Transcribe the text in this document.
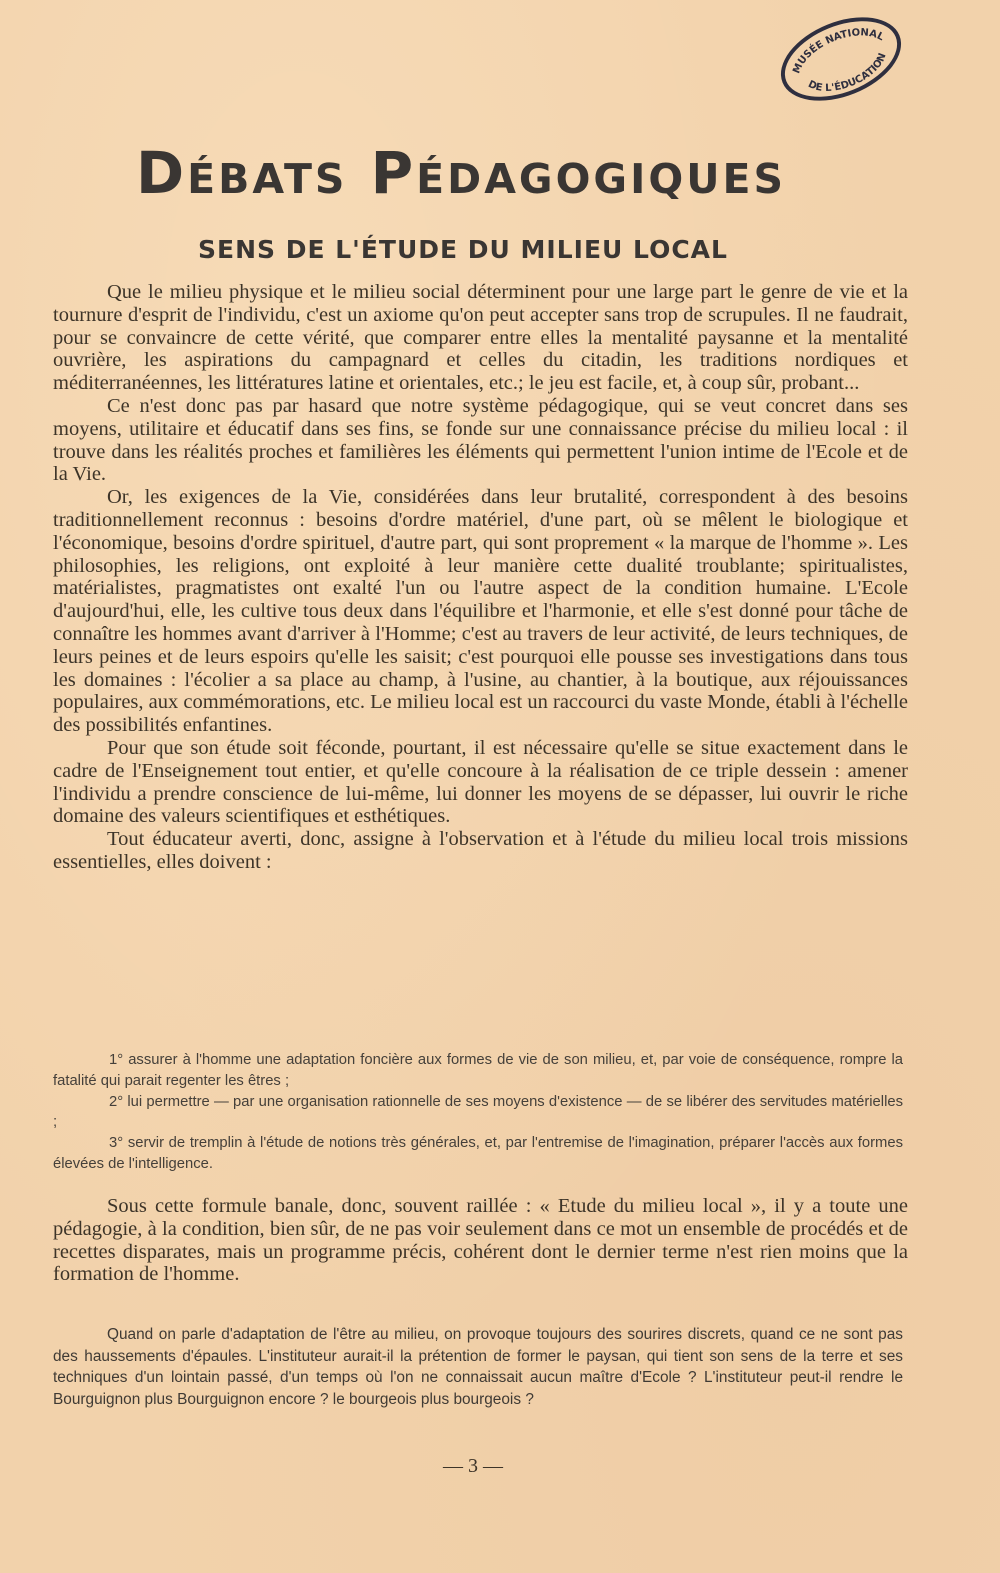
MUSÉE NATIONAL
DE L'ÉDUCATION
Débats Pédagogiques
SENS DE L'ÉTUDE DU MILIEU LOCAL

Que le milieu physique et le milieu social déterminent pour une large part le genre de vie et la tournure d'esprit de l'individu, c'est un axiome qu'on peut accepter sans trop de scrupules. Il ne faudrait, pour se convaincre de cette vérité, que comparer entre elles la mentalité paysanne et la mentalité ouvrière, les aspirations du campagnard et celles du citadin, les traditions nordiques et méditerranéennes, les littératures latine et orientales, etc.; le jeu est facile, et, à coup sûr, probant...

Ce n'est donc pas par hasard que notre système pédagogique, qui se veut concret dans ses moyens, utilitaire et éducatif dans ses fins, se fonde sur une connaissance précise du milieu local : il trouve dans les réalités proches et familières les éléments qui permettent l'union intime de l'Ecole et de la Vie.

Or, les exigences de la Vie, considérées dans leur brutalité, correspondent à des besoins traditionnellement reconnus : besoins d'ordre matériel, d'une part, où se mêlent le biologique et l'économique, besoins d'ordre spirituel, d'autre part, qui sont proprement « la marque de l'homme ». Les philosophies, les religions, ont exploité à leur manière cette dualité troublante; spiritualistes, matérialistes, pragmatistes ont exalté l'un ou l'autre aspect de la condition humaine. L'Ecole d'aujourd'hui, elle, les cultive tous deux dans l'équilibre et l'harmonie, et elle s'est donné pour tâche de connaître les hommes avant d'arriver à l'Homme; c'est au travers de leur activité, de leurs techniques, de leurs peines et de leurs espoirs qu'elle les saisit; c'est pourquoi elle pousse ses investigations dans tous les domaines : l'écolier a sa place au champ, à l'usine, au chantier, à la boutique, aux réjouissances populaires, aux commémorations, etc. Le milieu local est un raccourci du vaste Monde, établi à l'échelle des possibilités enfantines.

Pour que son étude soit féconde, pourtant, il est nécessaire qu'elle se situe exactement dans le cadre de l'Enseignement tout entier, et qu'elle concoure à la réalisation de ce triple dessein : amener l'individu a prendre conscience de lui-même, lui donner les moyens de se dépasser, lui ouvrir le riche domaine des valeurs scientifiques et esthétiques.

Tout éducateur averti, donc, assigne à l'observation et à l'étude du milieu local trois missions essentielles, elles doivent :

1° assurer à l'homme une adaptation foncière aux formes de vie de son milieu, et, par voie de conséquence, rompre la fatalité qui parait regenter les êtres ;

2° lui permettre — par une organisation rationnelle de ses moyens d'existence — de se libérer des servitudes matérielles ;

3° servir de tremplin à l'étude de notions très générales, et, par l'entremise de l'imagination, préparer l'accès aux formes élevées de l'intelligence.

Sous cette formule banale, donc, souvent raillée : « Etude du milieu local », il y a toute une pédagogie, à la condition, bien sûr, de ne pas voir seulement dans ce mot un ensemble de procédés et de recettes disparates, mais un programme précis, cohérent dont le dernier terme n'est rien moins que la formation de l'homme.

Quand on parle d'adaptation de l'être au milieu, on provoque toujours des sourires discrets, quand ce ne sont pas des haussements d'épaules. L'instituteur aurait-il la prétention de former le paysan, qui tient son sens de la terre et ses techniques d'un lointain passé, d'un temps où l'on ne connaissait aucun maître d'Ecole ? L'instituteur peut-il rendre le Bourguignon plus Bourguignon encore ? le bourgeois plus bourgeois ?

— 3 —
